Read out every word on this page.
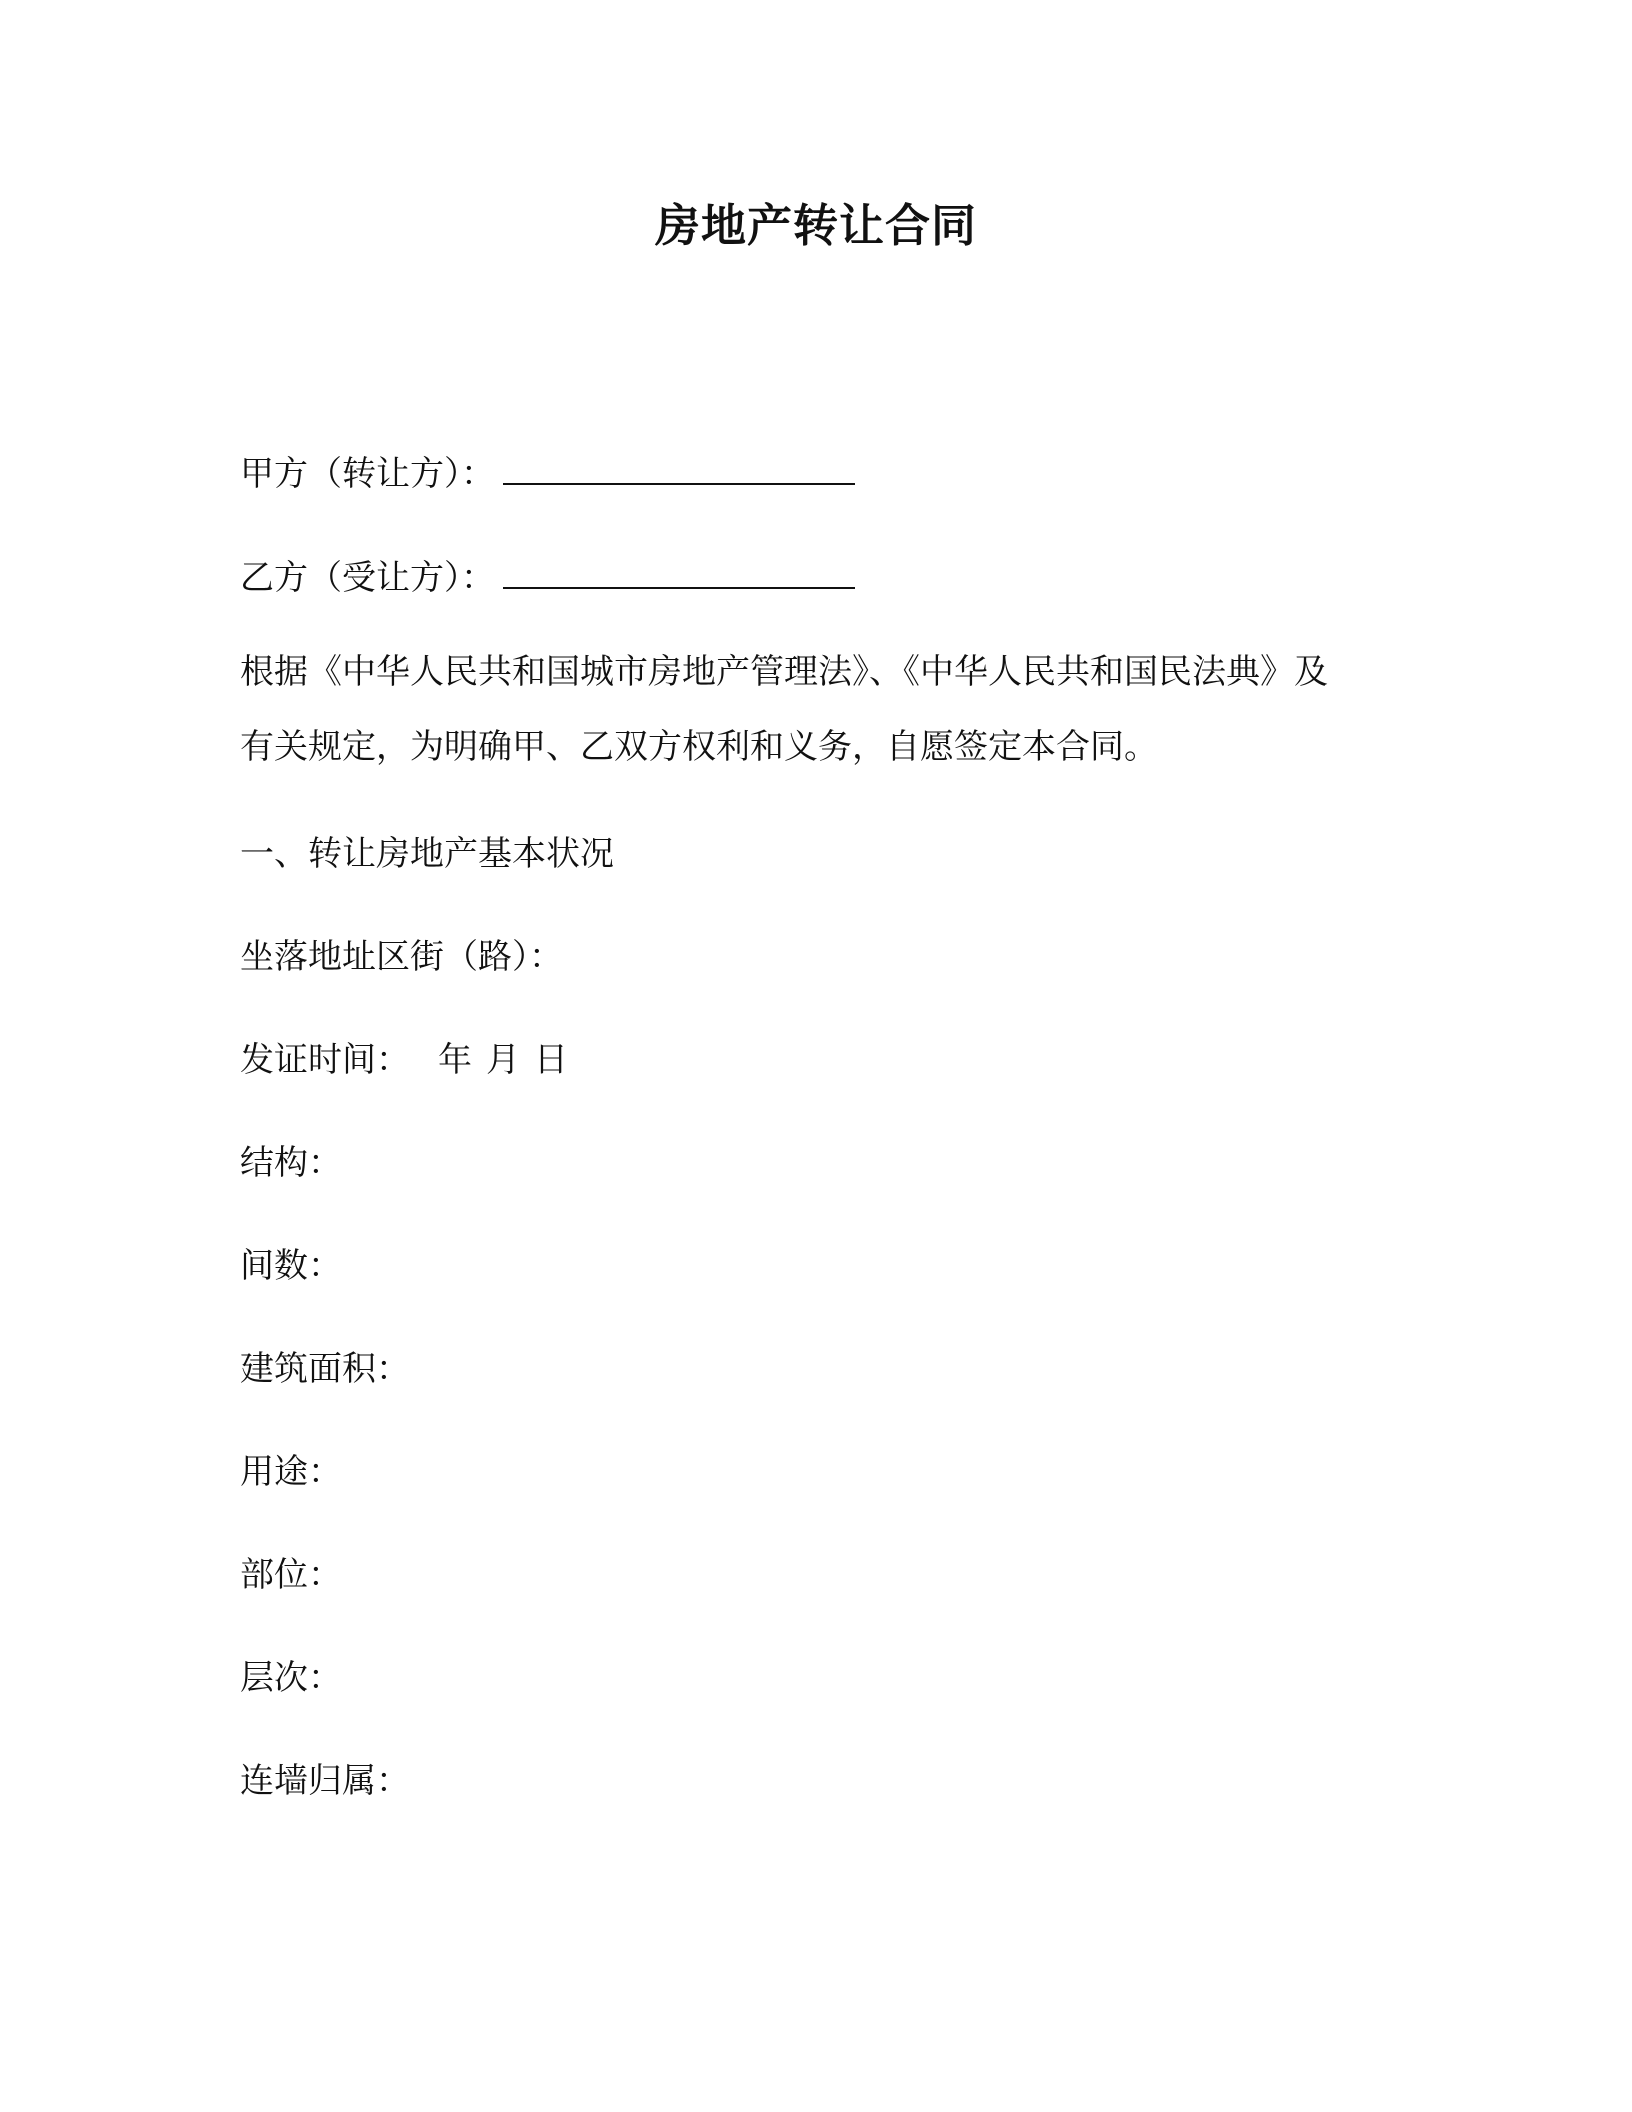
房地产转让合同
甲方（转让方）：
乙方（受让方）：
根据《中华人民共和国城市房地产管理法》、《中华人民共和国民法典》及有关规定，为明确甲、乙双方权利和义务，自愿签定本合同。
一、转让房地产基本状况
坐落地址区街（路）：
发证时间： 年 月 日
结构：
间数：
建筑面积：
用途：
部位：
层次：
连墙归属：
